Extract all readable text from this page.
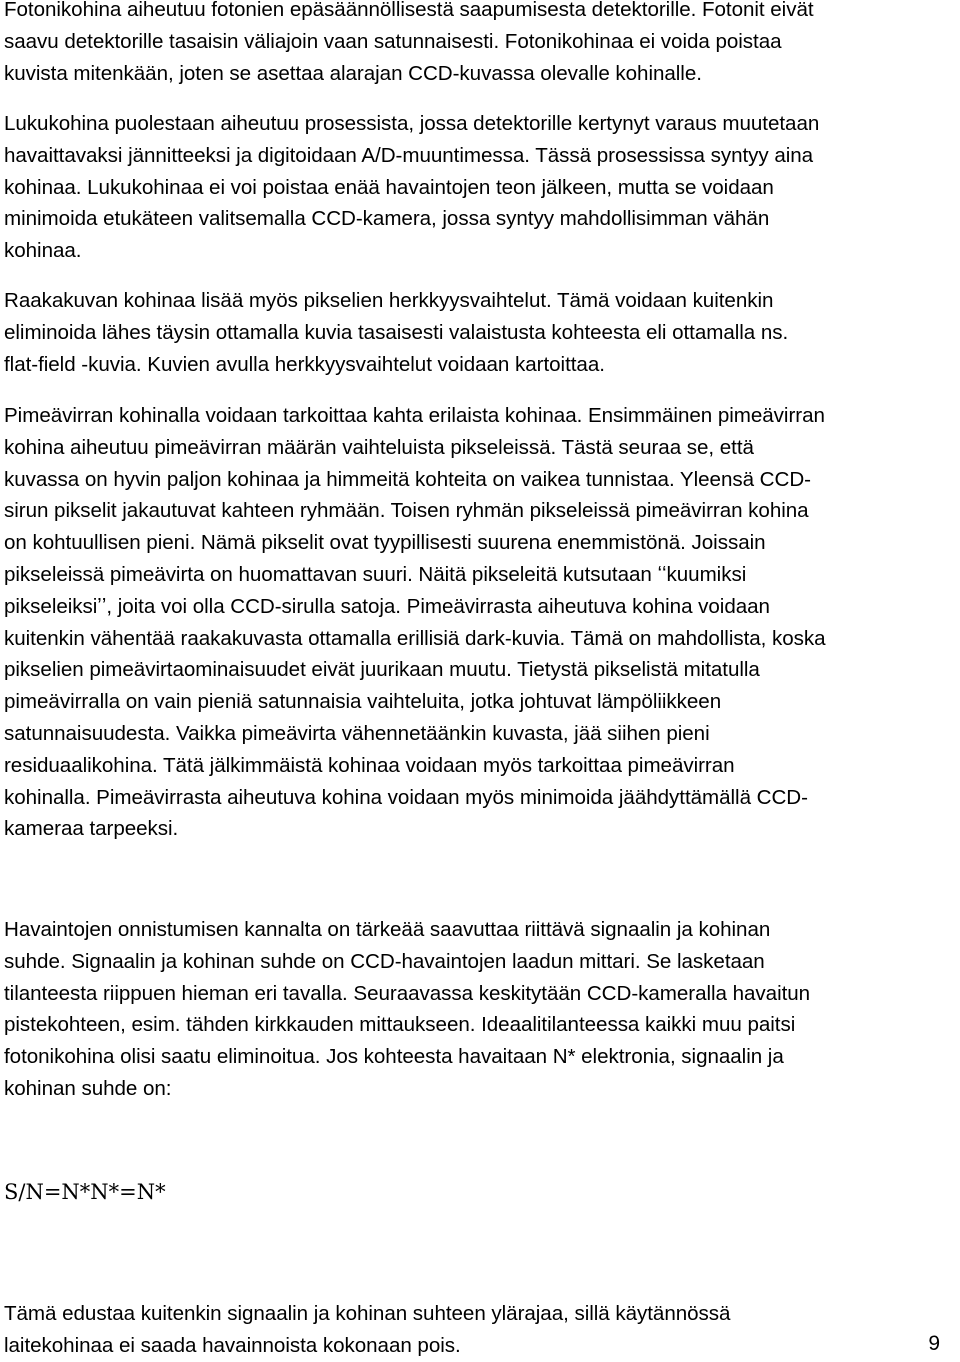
Fotonikohina aiheutuu fotonien epäsäännöllisestä saapumisesta detektorille. Fotonit eivät
saavu detektorille tasaisin väliajoin vaan satunnaisesti. Fotonikohinaa ei voida poistaa
kuvista mitenkään, joten se asettaa alarajan CCD-kuvassa olevalle kohinalle.
Lukukohina puolestaan aiheutuu prosessista, jossa detektorille kertynyt varaus muutetaan
havaittavaksi jännitteeksi ja digitoidaan A/D-muuntimessa. Tässä prosessissa syntyy aina
kohinaa. Lukukohinaa ei voi poistaa enää havaintojen teon jälkeen, mutta se voidaan
minimoida etukäteen valitsemalla CCD-kamera, jossa syntyy mahdollisimman vähän
kohinaa.
Raakakuvan kohinaa lisää myös pikselien herkkyysvaihtelut. Tämä voidaan kuitenkin
eliminoida lähes täysin ottamalla kuvia tasaisesti valaistusta kohteesta eli ottamalla ns.
flat-field -kuvia. Kuvien avulla herkkyysvaihtelut voidaan kartoittaa.
Pimeävirran kohinalla voidaan tarkoittaa kahta erilaista kohinaa. Ensimmäinen pimeävirran
kohina aiheutuu pimeävirran määrän vaihteluista pikseleissä. Tästä seuraa se, että
kuvassa on hyvin paljon kohinaa ja himmeitä kohteita on vaikea tunnistaa. Yleensä CCD-
sirun pikselit jakautuvat kahteen ryhmään. Toisen ryhmän pikseleissä pimeävirran kohina
on kohtuullisen pieni. Nämä pikselit ovat tyypillisesti suurena enemmistönä. Joissain
pikseleissä pimeävirta on huomattavan suuri. Näitä pikseleitä kutsutaan ʻʻkuumiksi
pikseleiksiʼʼ, joita voi olla CCD-sirulla satoja. Pimeävirrasta aiheutuva kohina voidaan
kuitenkin vähentää raakakuvasta ottamalla erillisiä dark-kuvia. Tämä on mahdollista, koska
pikselien pimeävirtaominaisuudet eivät juurikaan muutu. Tietystä pikselistä mitatulla
pimeävirralla on vain pieniä satunnaisia vaihteluita, jotka johtuvat lämpöliikkeen
satunnaisuudesta. Vaikka pimeävirta vähennetäänkin kuvasta, jää siihen pieni
residuaalikohina. Tätä jälkimmäistä kohinaa voidaan myös tarkoittaa pimeävirran
kohinalla. Pimeävirrasta aiheutuva kohina voidaan myös minimoida jäähdyttämällä CCD-
kameraa tarpeeksi.
Havaintojen onnistumisen kannalta on tärkeää saavuttaa riittävä signaalin ja kohinan
suhde. Signaalin ja kohinan suhde on CCD-havaintojen laadun mittari. Se lasketaan
tilanteesta riippuen hieman eri tavalla. Seuraavassa keskitytään CCD-kameralla havaitun
pistekohteen, esim. tähden kirkkauden mittaukseen. Ideaalitilanteessa kaikki muu paitsi
fotonikohina olisi saatu eliminoitua. Jos kohteesta havaitaan N* elektronia, signaalin ja
kohinan suhde on:
Tämä edustaa kuitenkin signaalin ja kohinan suhteen ylärajaa, sillä käytännössä
laitekohinaa ei saada havainnoista kokonaan pois.
S/N=N*N*=N*
9
